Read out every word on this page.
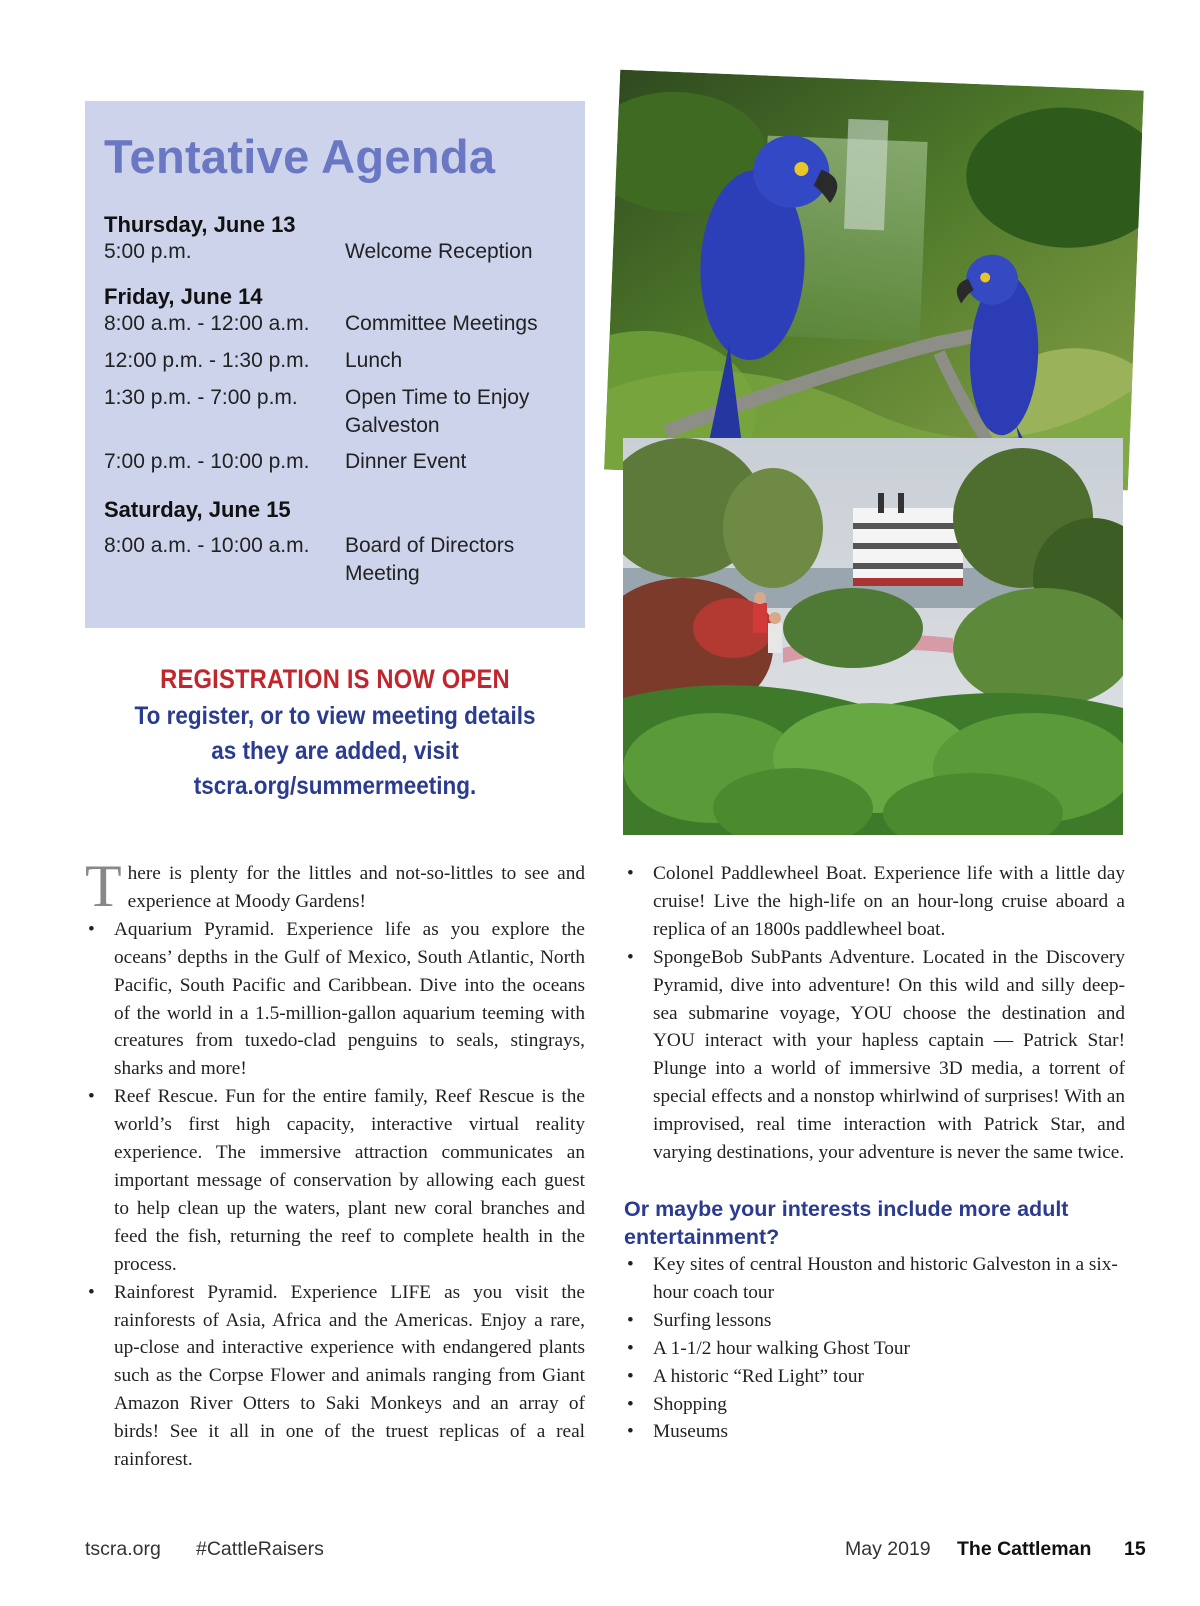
Tentative Agenda
Thursday, June 13
5:00 p.m.	Welcome Reception
Friday, June 14
8:00 a.m. - 12:00 a.m. Committee Meetings
12:00 p.m. - 1:30 p.m. Lunch
1:30 p.m. - 7:00 p.m. Open Time to Enjoy Galveston
7:00 p.m. - 10:00 p.m. Dinner Event
Saturday, June 15
8:00 a.m. - 10:00 a.m. Board of Directors Meeting
REGISTRATION IS NOW OPEN
To register, or to view meeting details
as they are added, visit
tscra.org/summermeeting.

There is plenty for the littles and not-so-littles to see and experience at Moody Gardens!

• Aquarium Pyramid. Experience life as you explore the oceans’ depths in the Gulf of Mexico, South Atlantic, North Pacific, South Pacific and Caribbean. Dive into the oceans of the world in a 1.5-million-gallon aquarium teeming with creatures from tuxedo-clad penguins to seals, stingrays, sharks and more!
• Reef Rescue. Fun for the entire family, Reef Rescue is the world’s first high capacity, interactive virtual reality experience. The immersive attraction communicates an important message of conservation by allowing each guest to help clean up the waters, plant new coral branches and feed the fish, returning the reef to complete health in the process.
• Rainforest Pyramid. Experience LIFE as you visit the rainforests of Asia, Africa and the Americas. Enjoy a rare, up-close and interactive experience with endangered plants such as the Corpse Flower and animals ranging from Giant Amazon River Otters to Saki Monkeys and an array of birds! See it all in one of the truest replicas of a real rainforest.
• Colonel Paddlewheel Boat. Experience life with a little day cruise! Live the high-life on an hour-long cruise aboard a replica of an 1800s paddlewheel boat.
• SpongeBob SubPants Adventure. Located in the Discovery Pyramid, dive into adventure! On this wild and silly deep-sea submarine voyage, YOU choose the destination and YOU interact with your hapless captain — Patrick Star! Plunge into a world of immersive 3D media, a torrent of special effects and a nonstop whirlwind of surprises! With an improvised, real time interaction with Patrick Star, and varying destinations, your adventure is never the same twice.
Or maybe your interests include more adult entertainment?
• Key sites of central Houston and historic Galveston in a six-hour coach tour
• Surfing lessons
• A 1-1/2 hour walking Ghost Tour
• A historic “Red Light” tour
• Shopping
• Museums
tscra.org #CattleRaisers	May 2019 The Cattleman 15
